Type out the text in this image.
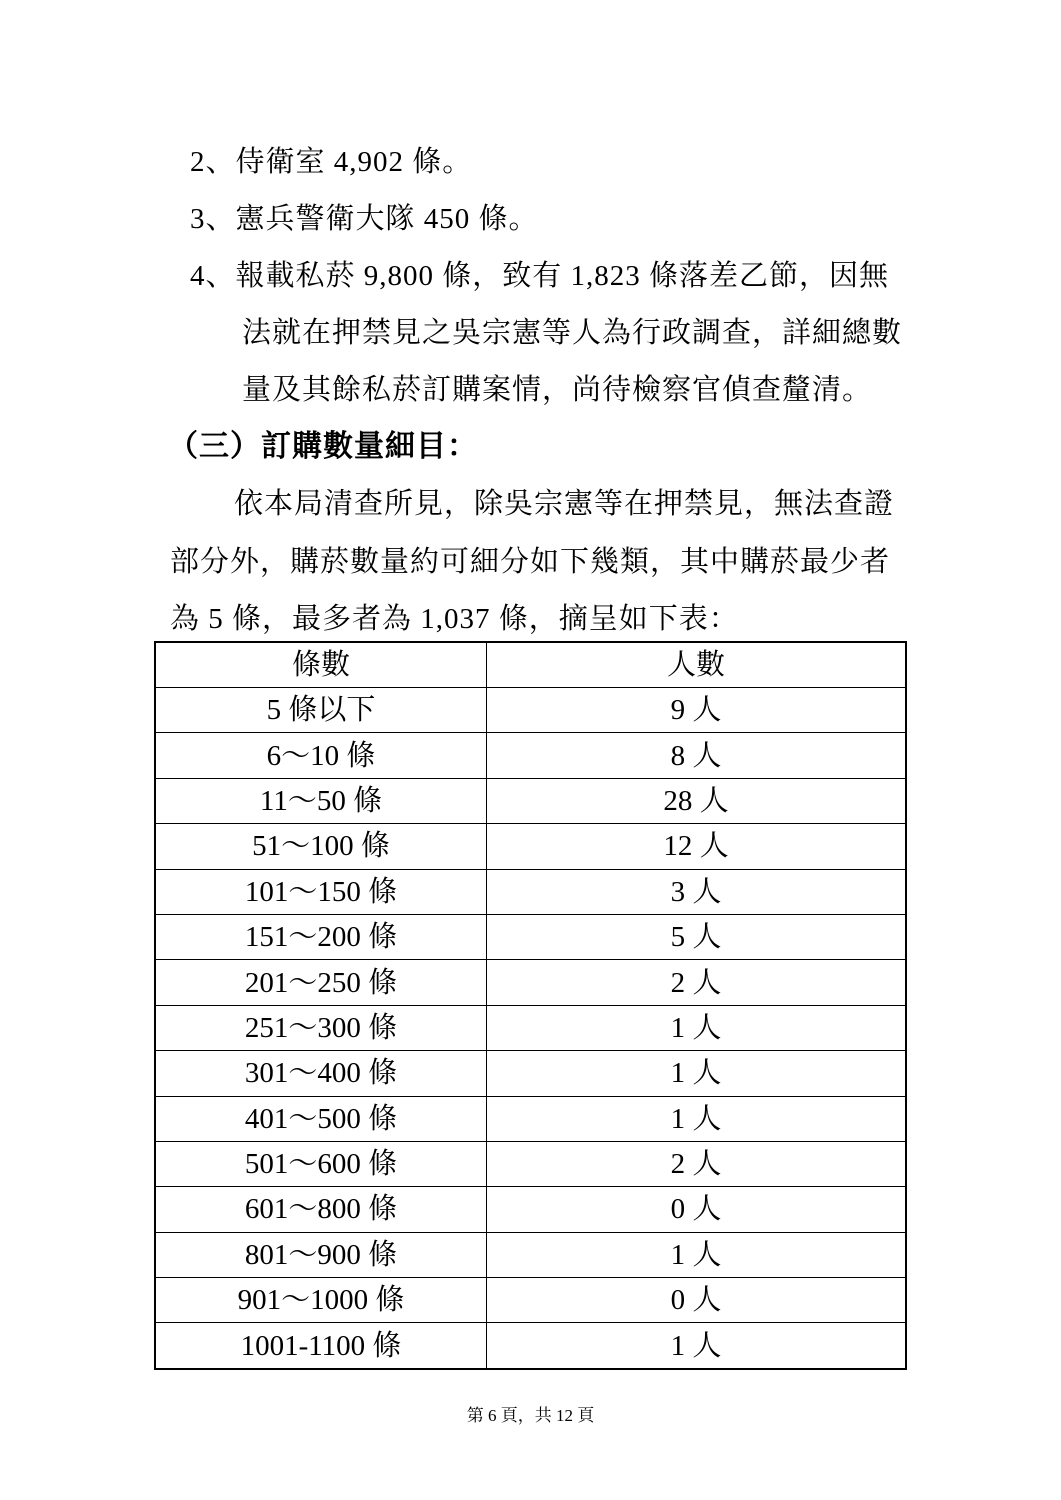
2、侍衛室 4,902 條。
3、憲兵警衛大隊 450 條。
4、報載私菸 9,800 條，致有 1,823 條落差乙節，因無
法就在押禁見之吳宗憲等人為行政調查，詳細總數
量及其餘私菸訂購案情，尚待檢察官偵查釐清。
（三）訂購數量細目：
依本局清查所見，除吳宗憲等在押禁見，無法查證
部分外，購菸數量約可細分如下幾類，其中購菸最少者
為 5 條，最多者為 1,037 條，摘呈如下表：
條數	人數
5 條以下	9 人
6～10 條	8 人
11～50 條	28 人
51～100 條	12 人
101～150 條	3 人
151～200 條	5 人
201～250 條	2 人
251～300 條	1 人
301～400 條	1 人
401～500 條	1 人
501～600 條	2 人
601～800 條	0 人
801～900 條	1 人
901～1000 條	0 人
1001-1100 條	1 人
第 6 頁，共 12 頁
